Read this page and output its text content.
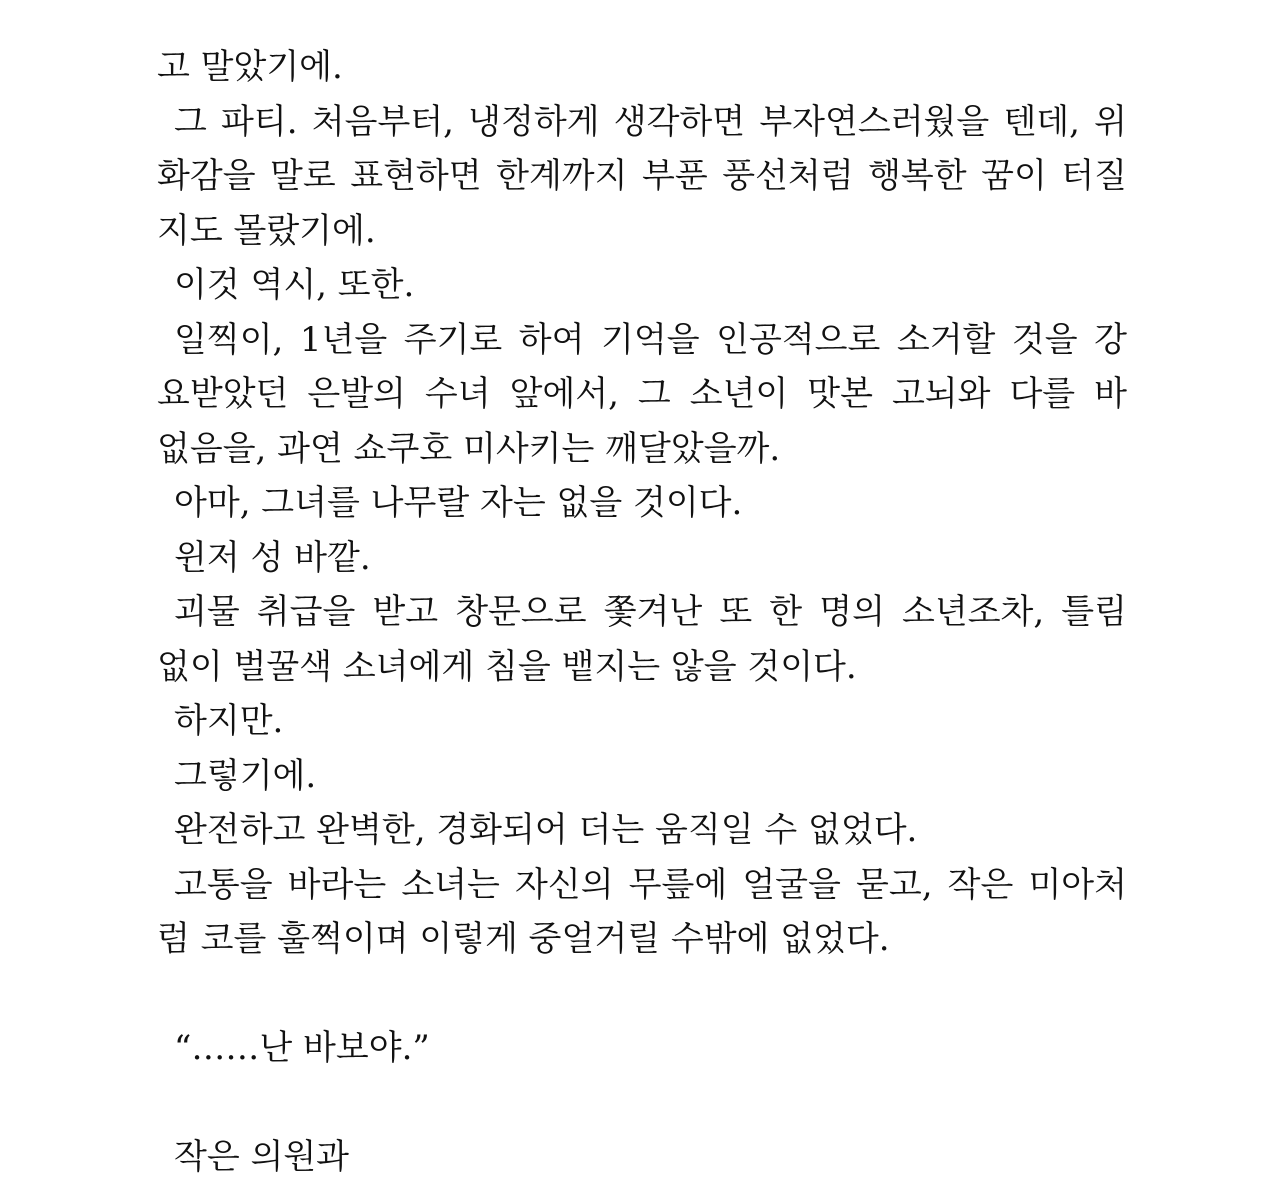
고 말았기에.
그 파티. 처음부터, 냉정하게 생각하면 부자연스러웠을 텐데, 위
화감을 말로 표현하면 한계까지 부푼 풍선처럼 행복한 꿈이 터질
지도 몰랐기에.
이것 역시, 또한.
일찍이, 1년을 주기로 하여 기억을 인공적으로 소거할 것을 강
요받았던 은발의 수녀 앞에서, 그 소년이 맛본 고뇌와 다를 바
없음을, 과연 쇼쿠호 미사키는 깨달았을까.
아마, 그녀를 나무랄 자는 없을 것이다.
윈저 성 바깥.
괴물 취급을 받고 창문으로 쫓겨난 또 한 명의 소년조차, 틀림
없이 벌꿀색 소녀에게 침을 뱉지는 않을 것이다.
하지만.
그렇기에.
완전하고 완벽한, 경화되어 더는 움직일 수 없었다.
고통을 바라는 소녀는 자신의 무릎에 얼굴을 묻고, 작은 미아처
럼 코를 훌쩍이며 이렇게 중얼거릴 수밖에 없었다.
“……난 바보야.”
작은 의원과
